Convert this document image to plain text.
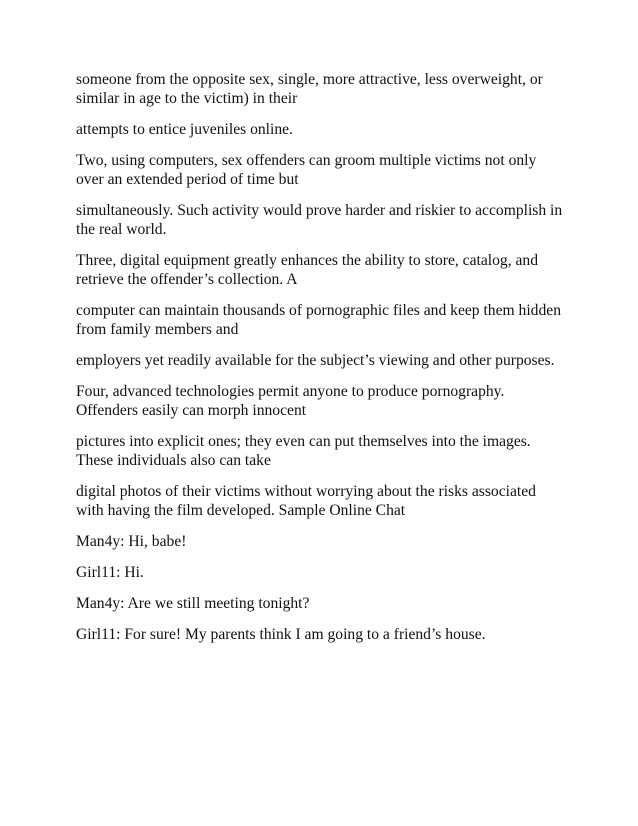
someone from the opposite sex, single, more attractive, less overweight, or similar in age to the victim) in their

attempts to entice juveniles online.

Two, using computers, sex offenders can groom multiple victims not only over an extended period of time but

simultaneously. Such activity would prove harder and riskier to accomplish in the real world.

Three, digital equipment greatly enhances the ability to store, catalog, and retrieve the offender’s collection. A

computer can maintain thousands of pornographic files and keep them hidden from family members and

employers yet readily available for the subject’s viewing and other purposes.

Four, advanced technologies permit anyone to produce pornography. Offenders easily can morph innocent

pictures into explicit ones; they even can put themselves into the images. These individuals also can take

digital photos of their victims without worrying about the risks associated with having the film developed. Sample Online Chat

Man4y: Hi, babe!

Girl11: Hi.

Man4y: Are we still meeting tonight?

Girl11: For sure! My parents think I am going to a friend’s house.
